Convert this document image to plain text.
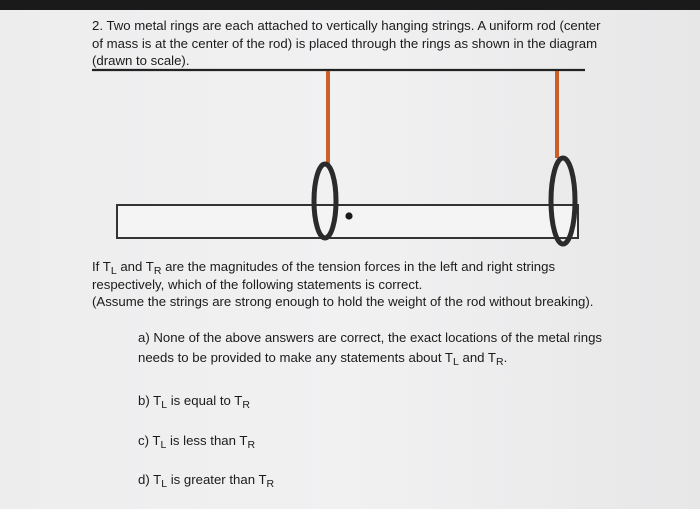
2. Two metal rings are each attached to vertically hanging strings. A uniform rod (center
of mass is at the center of the rod) is placed through the rings as shown in the diagram
(drawn to scale).
If $T_L$ and $T_R$ are the magnitudes of the tension forces in the left and right strings
respectively, which of the following statements is correct.
(Assume the strings are strong enough to hold the weight of the rod without breaking).
a) None of the above answers are correct, the exact locations of the metal rings
needs to be provided to make any statements about $T_L$ and $T_R$.
b) $T_L$ is equal to $T_R$
c) $T_L$ is less than $T_R$
d) $T_L$ is greater than $T_R$
